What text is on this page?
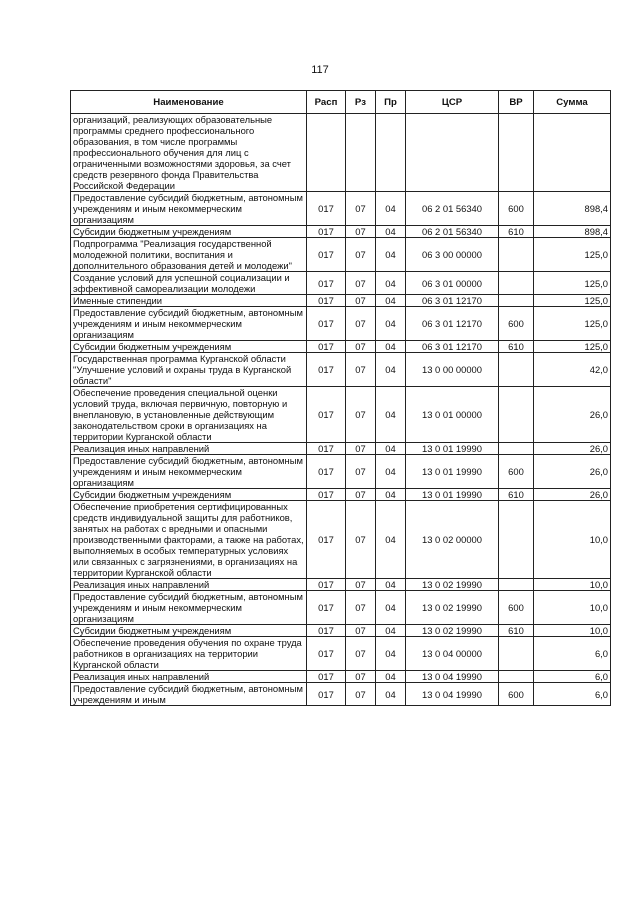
117
Наименование	Расп	Рз	Пр	ЦСР	ВР	Сумма
организаций, реализующих образовательные программы среднего профессионального образования, в том числе программы профессионального обучения для лиц с ограниченными возможностями здоровья, за счет средств резервного фонда Правительства Российской Федерации						
Предоставление субсидий бюджетным, автономным учреждениям и иным некоммерческим организациям	017	07	04	06 2 01 56340	600	898,4
Субсидии бюджетным учреждениям	017	07	04	06 2 01 56340	610	898,4
Подпрограмма "Реализация государственной молодежной политики, воспитания и дополнительного образования детей и молодежи"	017	07	04	06 3 00 00000		125,0
Создание условий для успешной социализации и эффективной самореализации молодежи	017	07	04	06 3 01 00000		125,0
Именные стипендии	017	07	04	06 3 01 12170		125,0
Предоставление субсидий бюджетным, автономным учреждениям и иным некоммерческим организациям	017	07	04	06 3 01 12170	600	125,0
Субсидии бюджетным учреждениям	017	07	04	06 3 01 12170	610	125,0
Государственная программа Курганской области "Улучшение условий и охраны труда в Курганской области"	017	07	04	13 0 00 00000		42,0
Обеспечение проведения специальной оценки условий труда, включая первичную, повторную и внеплановую, в установленные действующим законодательством сроки в организациях на территории Курганской области	017	07	04	13 0 01 00000		26,0
Реализация иных направлений	017	07	04	13 0 01 19990		26,0
Предоставление субсидий бюджетным, автономным учреждениям и иным некоммерческим организациям	017	07	04	13 0 01 19990	600	26,0
Субсидии бюджетным учреждениям	017	07	04	13 0 01 19990	610	26,0
Обеспечение приобретения сертифицированных средств индивидуальной защиты для работников, занятых на работах с вредными и опасными производственными факторами, а также на работах, выполняемых в особых температурных условиях или связанных с загрязнениями, в организациях на территории Курганской области	017	07	04	13 0 02 00000		10,0
Реализация иных направлений	017	07	04	13 0 02 19990		10,0
Предоставление субсидий бюджетным, автономным учреждениям и иным некоммерческим организациям	017	07	04	13 0 02 19990	600	10,0
Субсидии бюджетным учреждениям	017	07	04	13 0 02 19990	610	10,0
Обеспечение проведения обучения по охране труда работников в организациях на территории Курганской области	017	07	04	13 0 04 00000		6,0
Реализация иных направлений	017	07	04	13 0 04 19990		6,0
Предоставление субсидий бюджетным, автономным учреждениям и иным	017	07	04	13 0 04 19990	600	6,0
